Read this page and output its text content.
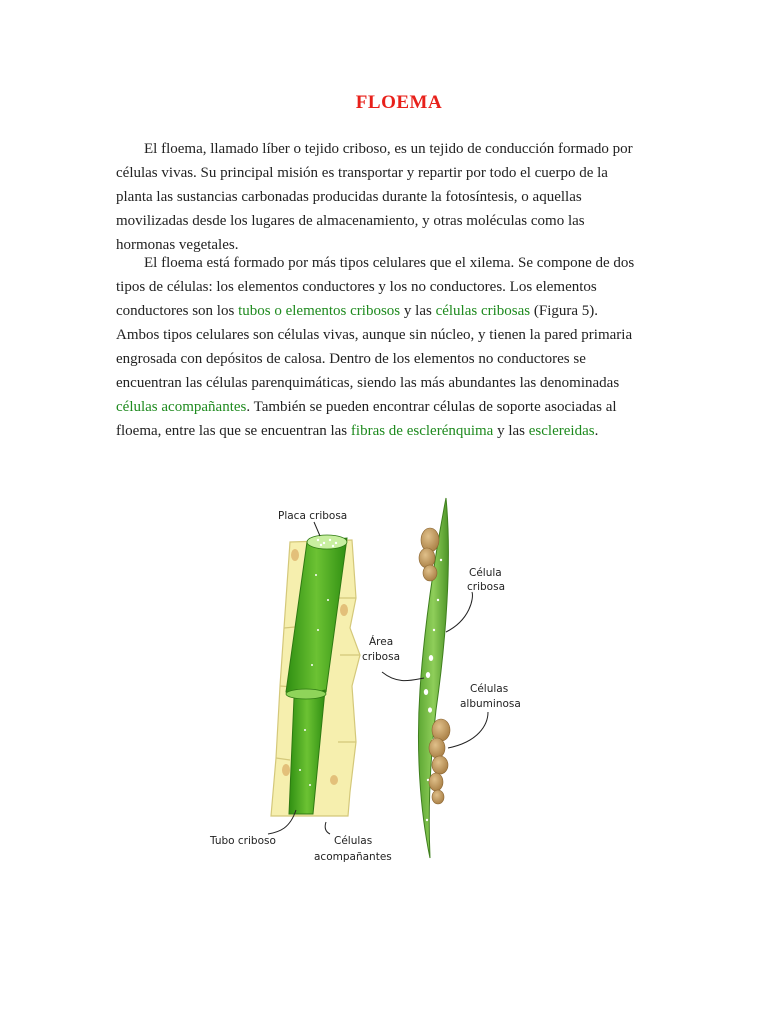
FLOEMA

El floema, llamado líber o tejido criboso, es un tejido de conducción formado por células vivas. Su principal misión es transportar y repartir por todo el cuerpo de la planta las sustancias carbonadas producidas durante la fotosíntesis, o aquellas movilizadas desde los lugares de almacenamiento, y otras moléculas como las hormonas vegetales.

El floema está formado por más tipos celulares que el xilema. Se compone de dos tipos de células: los elementos conductores y los no conductores. Los elementos conductores son los tubos o elementos cribosos y las células cribosas (Figura 5). Ambos tipos celulares son células vivas, aunque sin núcleo, y tienen la pared primaria engrosada con depósitos de calosa. Dentro de los elementos no conductores se encuentran las células parenquimáticas, siendo las más abundantes las denominadas células acompañantes. También se pueden encontrar células de soporte asociadas al floema, entre las que se encuentran las fibras de esclerénquima y las esclereidas.

Placa cribosa
Célula
cribosa
Área
cribosa
Células
albuminosa
Tubo criboso	Células
acompañantes
